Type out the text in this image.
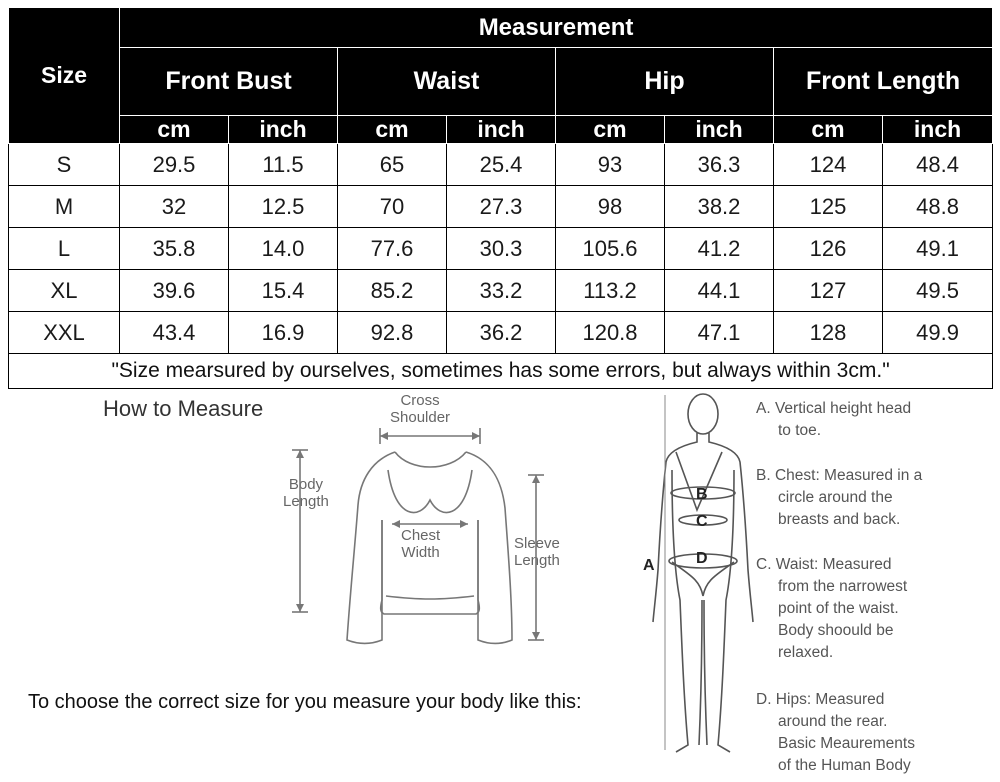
Size	Measurement							
	Front Bust		Waist		Hip		Front Length	
	cm	inch	cm	inch	cm	inch	cm	inch
S	29.5	11.5	65	25.4	93	36.3	124	48.4
M	32	12.5	70	27.3	98	38.2	125	48.8
L	35.8	14.0	77.6	30.3	105.6	41.2	126	49.1
XL	39.6	15.4	85.2	33.2	113.2	44.1	127	49.5
XXL	43.4	16.9	92.8	36.2	120.8	47.1	128	49.9
"Size mearsured by ourselves, sometimes has some errors, but always within 3cm."								
How to Measure
To choose the correct size for you measure your body like this:
Cross
Shoulder
Body
Length
Chest
Width
Sleeve
Length	A
B
C
D
A. Vertical height head
to toe.
B. Chest: Measured in a
circle around the
breasts and back.
C. Waist: Measured
from the narrowest
point of the waist.
Body shoould be
relaxed.
D. Hips: Measured
around the rear.
Basic Meaurements
of the Human Body
